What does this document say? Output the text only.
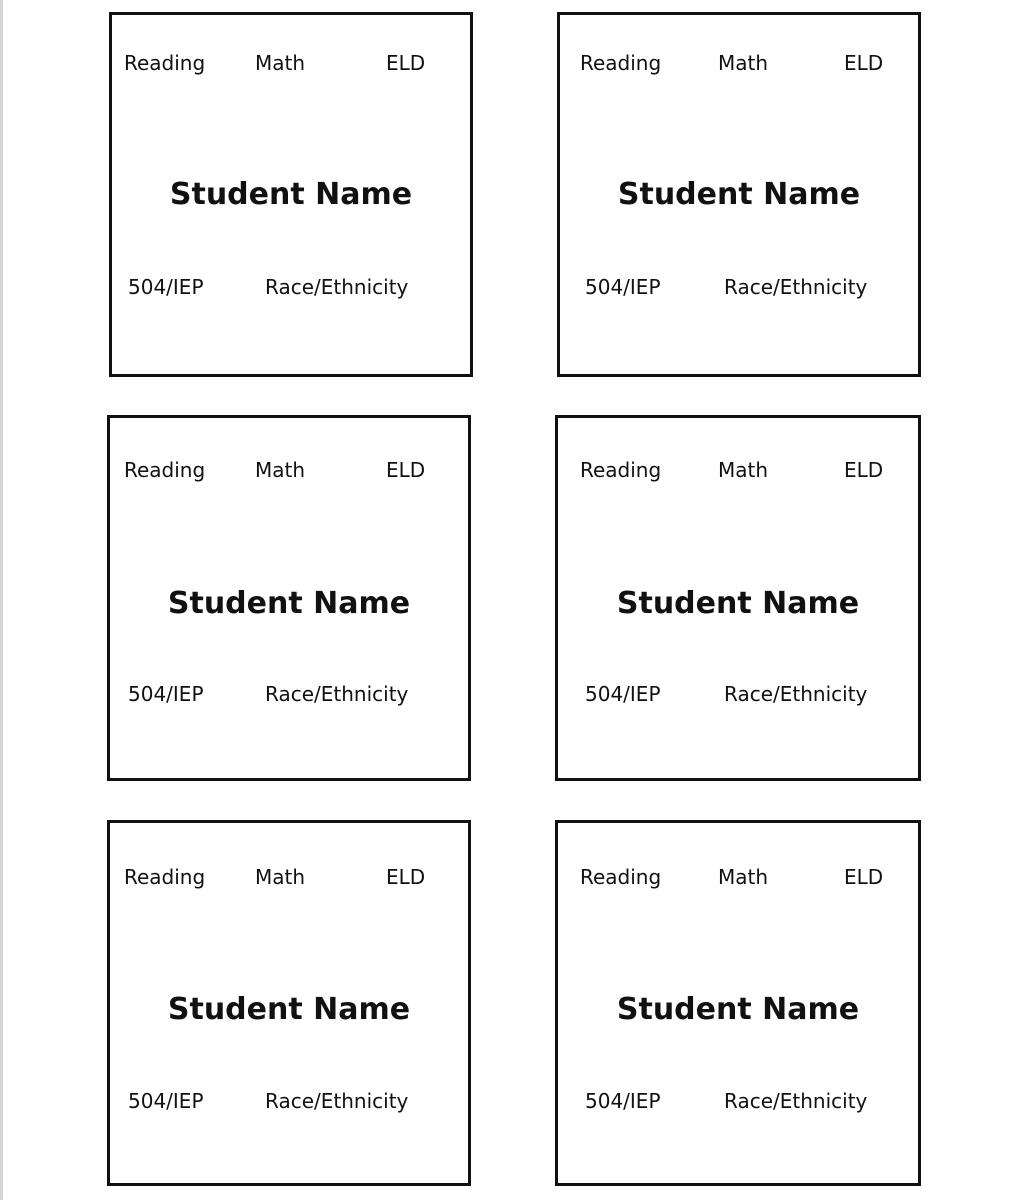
Reading Math	ELD
Student Name
504/IEP	Race/Ethnicity
Reading	Math	ELD
Student Name
504/IEP	Race/Ethnicity
Reading Math	ELD
Student Name
504/IEP	Race/Ethnicity
Reading	Math	ELD
Student Name
504/IEP	Race/Ethnicity
Reading Math	ELD
Student Name
504/IEP	Race/Ethnicity
Reading	Math	ELD
Student Name
504/IEP	Race/Ethnicity
